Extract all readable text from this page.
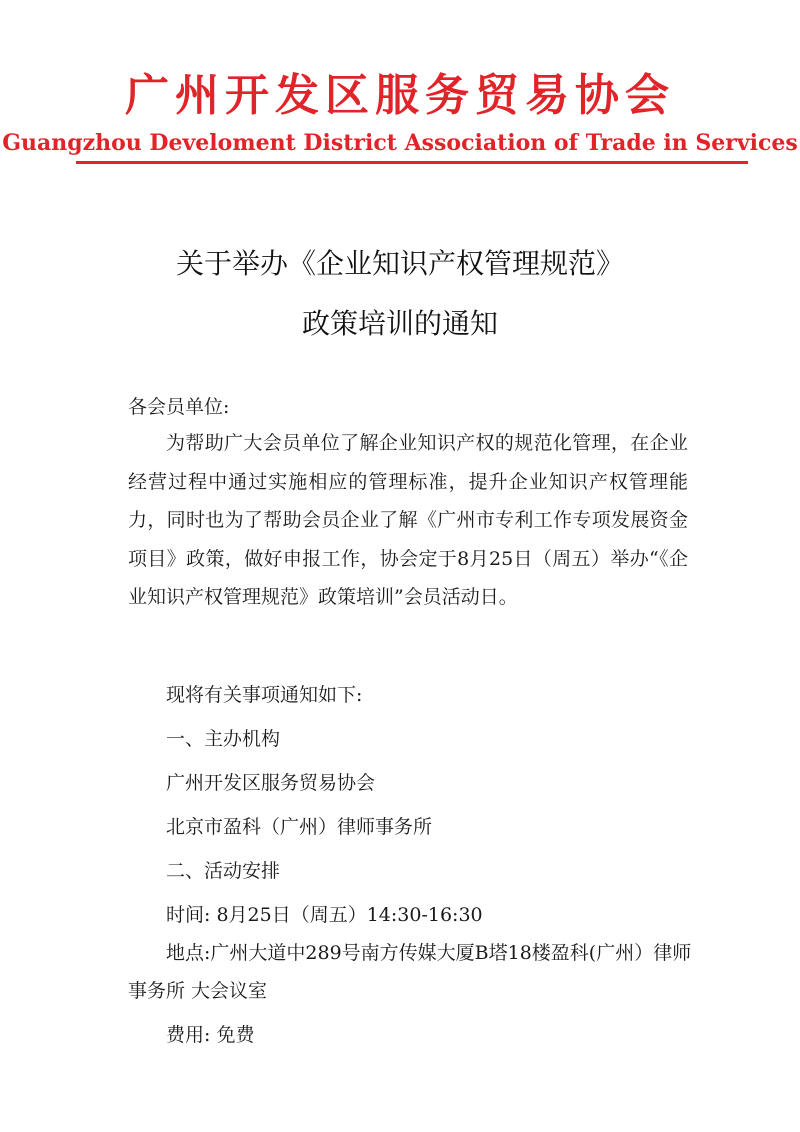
广州开发区服务贸易协会
Guangzhou Develoment District Association of Trade in Services
关于举办《企业知识产权管理规范》
政策培训的通知
各会员单位:
为帮助广大会员单位了解企业知识产权的规范化管理，在企业经营过程中通过实施相应的管理标准，提升企业知识产权管理能力，同时也为了帮助会员企业了解《广州市专利工作专项发展资金项目》政策，做好申报工作，协会定于8月25日（周五）举办“《企业知识产权管理规范》政策培训”会员活动日。
现将有关事项通知如下:
一、主办机构
广州开发区服务贸易协会
北京市盈科（广州）律师事务所
二、活动安排
时间: 8月25日（周五）14:30-16:30
地点:广州大道中289号南方传媒大厦B塔18楼盈科(广州）律师事务所 大会议室
费用: 免费
